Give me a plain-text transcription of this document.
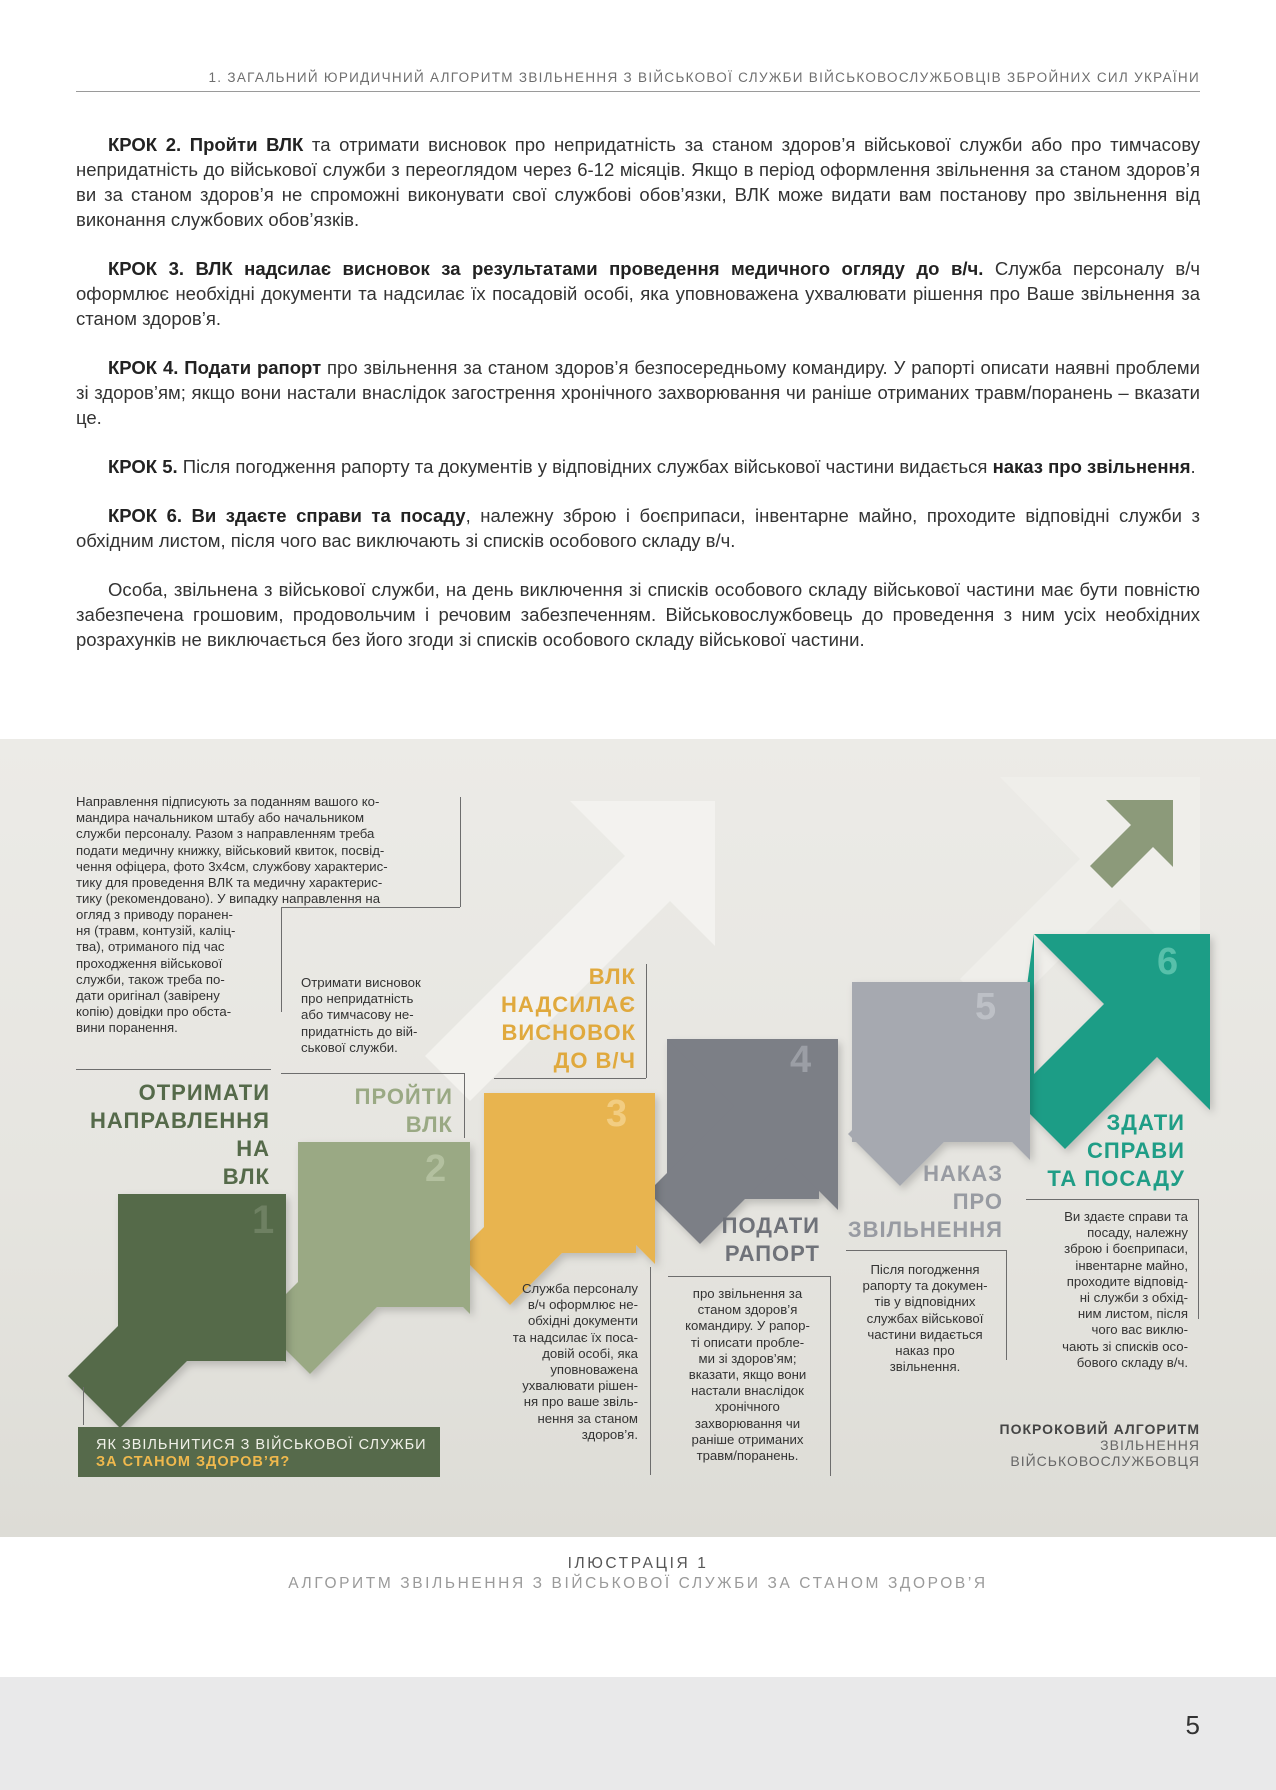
1. ЗАГАЛЬНИЙ ЮРИДИЧНИЙ АЛГОРИТМ ЗВІЛЬНЕННЯ З ВІЙСЬКОВОЇ СЛУЖБИ ВІЙСЬКОВОСЛУЖБОВЦІВ ЗБРОЙНИХ СИЛ УКРАЇНИ

КРОК 2. Пройти ВЛК та отримати висновок про непридатність за станом здоров’я військової служби або про тимчасову непридатність до військової служби з переоглядом через 6-12 місяців. Якщо в період оформлення звільнення за станом здоров’я ви за станом здоров’я не спроможні виконувати свої службові обов’язки, ВЛК може видати вам постанову про звільнення від виконання службових обов’язків.

КРОК 3. ВЛК надсилає висновок за результатами проведення медичного огляду до в/ч. Служба персоналу в/ч оформлює необхідні документи та надсилає їх посадовій особі, яка уповноважена ухвалювати рішення про Ваше звільнення за станом здоров’я.

КРОК 4. Подати рапорт про звільнення за станом здоров’я безпосередньому командиру. У рапорті описати наявні проблеми зі здоров’ям; якщо вони настали внаслідок загострення хронічного захворювання чи раніше отриманих травм/поранень – вказати це.

КРОК 5. Після погодження рапорту та документів у відповідних службах військової частини видається наказ про звільнення.

КРОК 6. Ви здаєте справи та посаду, належну зброю і боєприпаси, інвентарне майно, проходите відповідні служби з обхідним листом, після чого вас виключають зі списків особового складу в/ч.

Особа, звільнена з військової служби, на день виключення зі списків особового складу військової частини має бути повністю забезпечена грошовим, продовольчим і речовим забезпеченням. Військовослужбовець до проведення з ним усіх необхідних розрахунків не виключається без його згоди зі списків особового складу військової частини.

1
2
3
4
5
6
Направлення підписують за поданням вашого ко-
мандира начальником штабу або начальником
служби персоналу. Разом з направленням треба
подати медичну книжку, військовий квиток, посвід-
чення офіцера, фото 3х4см, службову характерис-
тику для проведення ВЛК та медичну характерис-
тику (рекомендовано). У випадку направлення на
огляд з приводу поранен-
ня (травм, контузій, каліц-
тва), отриманого під час
проходження військової
служби, також треба по-
дати оригінал (завірену
копію) довідки про обста-
вини поранення.
ОТРИМАТИ
НАПРАВЛЕННЯ
НА
ВЛК
Отримати висновок
про непридатність
або тимчасову не-
придатність до вій-
ськової служби.
ПРОЙТИ
ВЛК
ВЛК
НАДСИЛАЄ
ВИСНОВОК
ДО В/Ч
Служба персоналу
в/ч оформлює не-
обхідні документи
та надсилає їх поса-
довій особі, яка
уповноважена
ухвалювати рішен-
ня про ваше звіль-
нення за станом
здоров’я.
ПОДАТИ
РАПОРТ
про звільнення за
станом здоров’я
командиру. У рапор-
ті описати пробле-
ми зі здоров’ям;
вказати, якщо вони
настали внаслідок
хронічного
захворювання чи
раніше отриманих
травм/поранень.
НАКАЗ
ПРО
ЗВІЛЬНЕННЯ
Після погодження
рапорту та докумен-
тів у відповідних
службах військової
частини видається
наказ про
звільнення.
ЗДАТИ
СПРАВИ
ТА ПОСАДУ
Ви здаєте справи та
посаду, належну
зброю і боєприпаси,
інвентарне майно,
проходите відповід-
ні служби з обхід-
ним листом, після
чого вас виклю-
чають зі списків осо-
бового складу в/ч.
ЯК ЗВІЛЬНИТИСЯ З ВІЙСЬКОВОЇ СЛУЖБИ
ЗА СТАНОМ ЗДОРОВ’Я?
ПОКРОКОВИЙ АЛГОРИТМ
ЗВІЛЬНЕННЯ
ВІЙСЬКОВОСЛУЖБОВЦЯ
ІЛЮСТРАЦІЯ 1
АЛГОРИТМ ЗВІЛЬНЕННЯ З ВІЙСЬКОВОЇ СЛУЖБИ ЗА СТАНОМ ЗДОРОВ’Я
5
